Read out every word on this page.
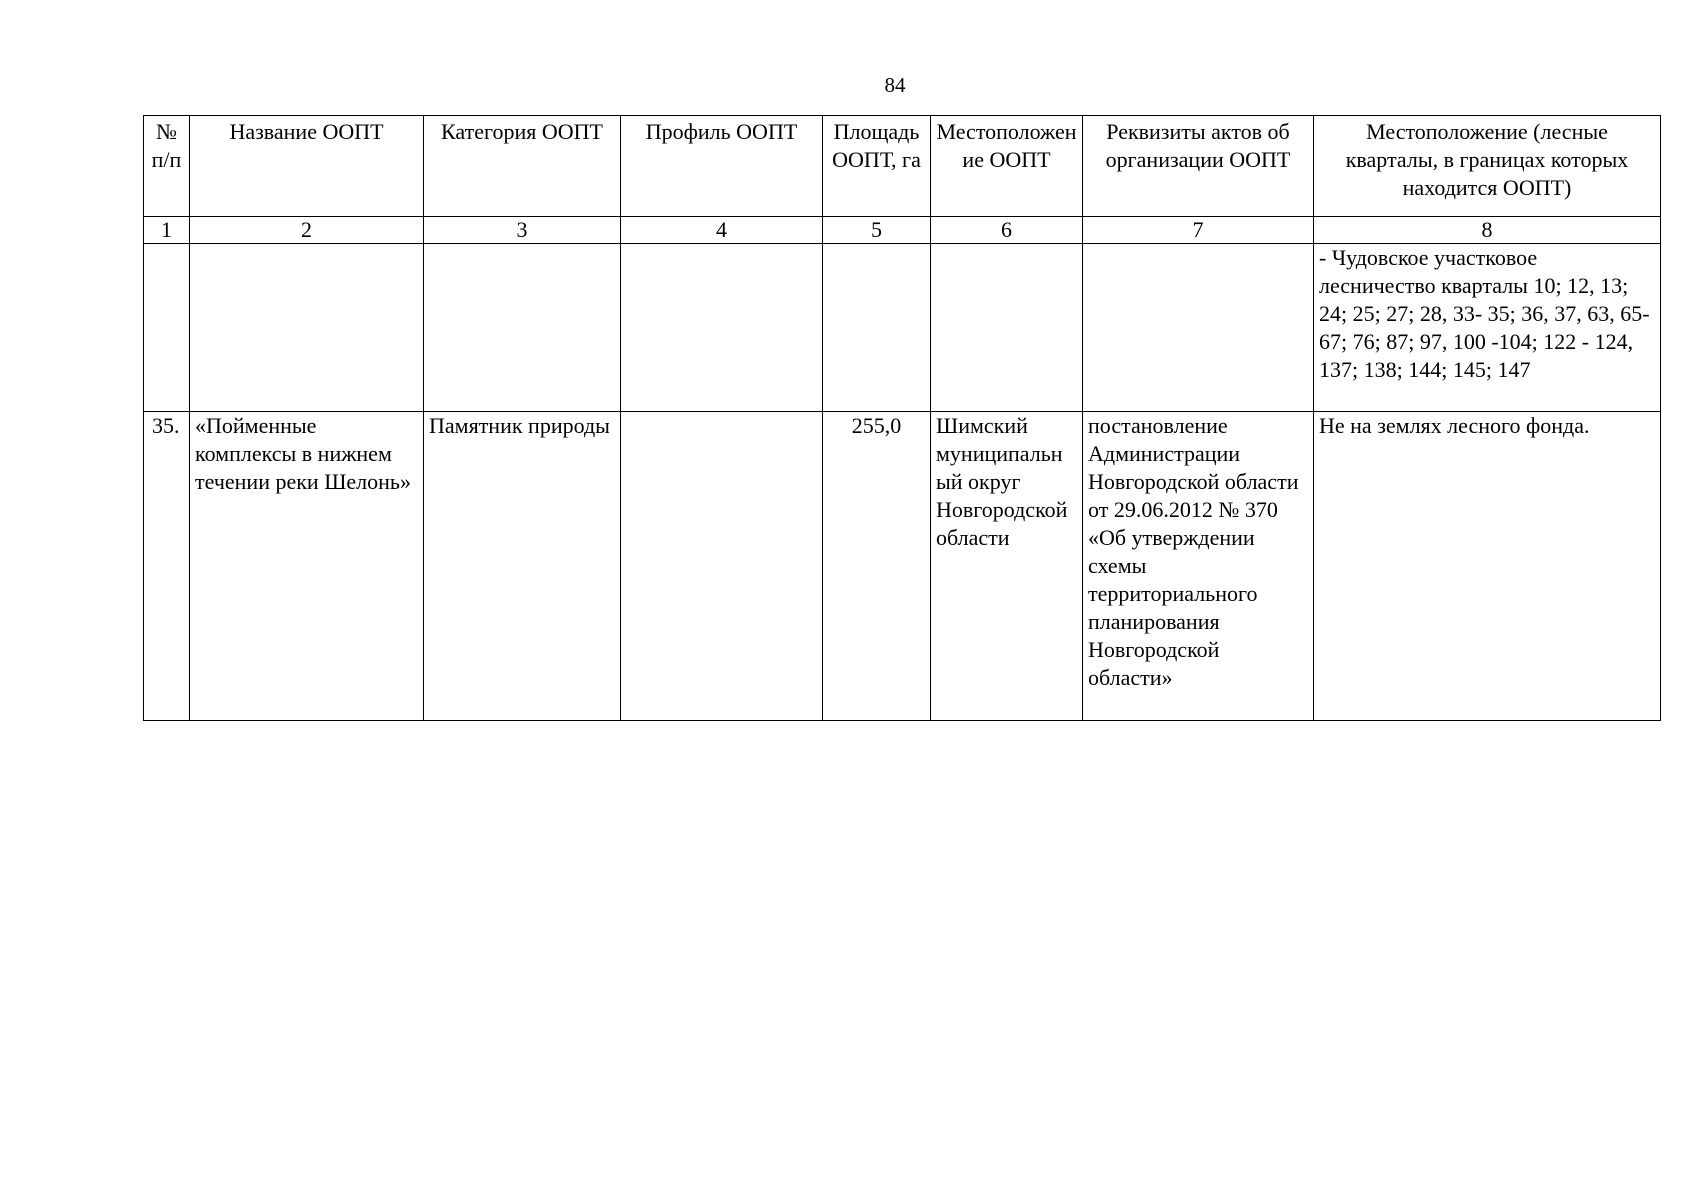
84
№ п/п	Название ООПТ	Категория ООПТ	Профиль ООПТ	Площадь ООПТ, га	Местоположение ООПТ	Реквизиты актов об организации ООПТ	Местоположение (лесные кварталы, в границах которых находится ООПТ)
1	2	3	4	5	6	7	8
							- Чудовское участковое лесничество кварталы 10; 12, 13; 24; 25; 27; 28, 33- 35; 36, 37, 63, 65-67; 76; 87; 97, 100 -104; 122 - 124, 137; 138; 144; 145; 147
35.	«Пойменные комплексы в нижнем течении реки Шелонь»	Памятник природы		255,0	Шимский муниципальный округ Новгородской области	постановление Администрации Новгородской области от 29.06.2012 № 370 «Об утверждении схемы территориального планирования Новгородской области»	Не на землях лесного фонда.
